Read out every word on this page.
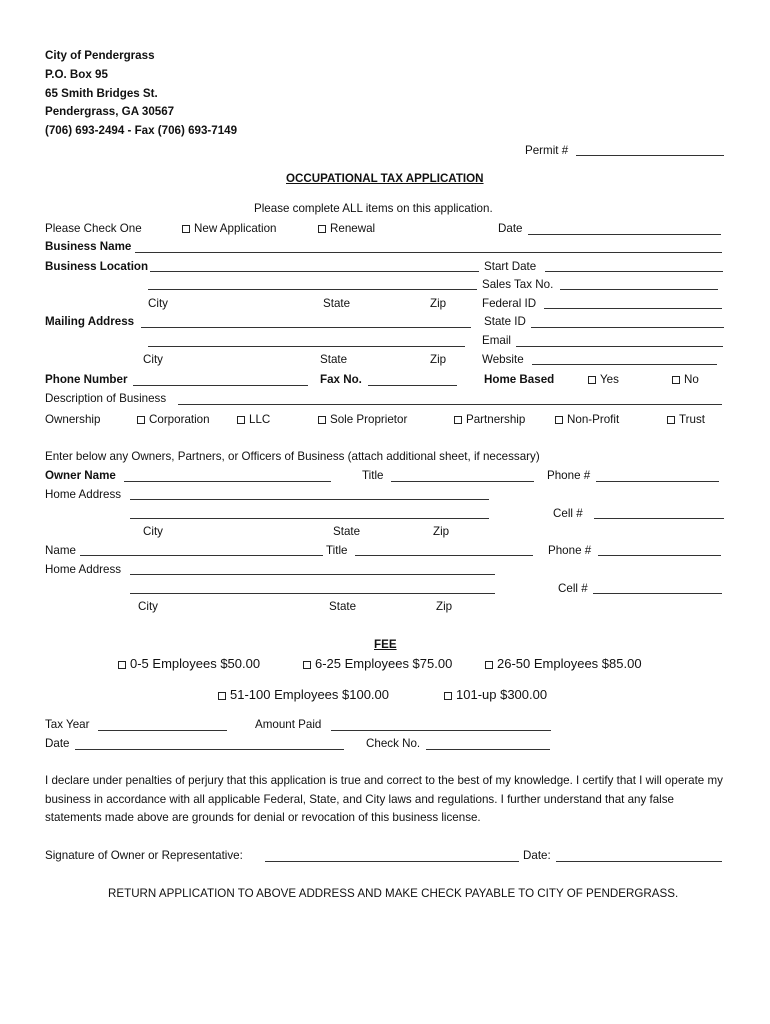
City of Pendergrass
P.O. Box 95
65 Smith Bridges St.
Pendergrass, GA 30567
(706) 693-2494 - Fax (706) 693-7149
Permit #
OCCUPATIONAL TAX APPLICATION
Please complete ALL items on this application.
Please Check One	New Application	Renewal	Date
Business Name
Business Location	Start Date
Sales Tax No.
City	State	Zip	Federal ID
Mailing Address	State ID
Email
City	State	Zip	Website
Phone Number	Fax No.	Home Based	Yes	No
Description of Business
Ownership	Corporation	LLC	Sole Proprietor	Partnership	Non-Profit	Trust
Enter below any Owners, Partners, or Officers of Business (attach additional sheet, if necessary)
Owner Name	Title	Phone #
Home Address
Cell #
City	State	Zip
Name	Title	Phone #
Home Address
Cell #
City	State	Zip
FEE
0-5 Employees $50.00	6-25 Employees $75.00	26-50 Employees $85.00
51-100 Employees $100.00	101-up $300.00
Tax Year	Amount Paid
Date	Check No.
I declare under penalties of perjury that this application is true and correct to the best of my knowledge. I certify that I will operate my business in accordance with all applicable Federal, State, and City laws and regulations. I further understand that any false statements made above are grounds for denial or revocation of this business license.
Signature of Owner or Representative:	Date:
RETURN APPLICATION TO ABOVE ADDRESS AND MAKE CHECK PAYABLE TO CITY OF PENDERGRASS.
